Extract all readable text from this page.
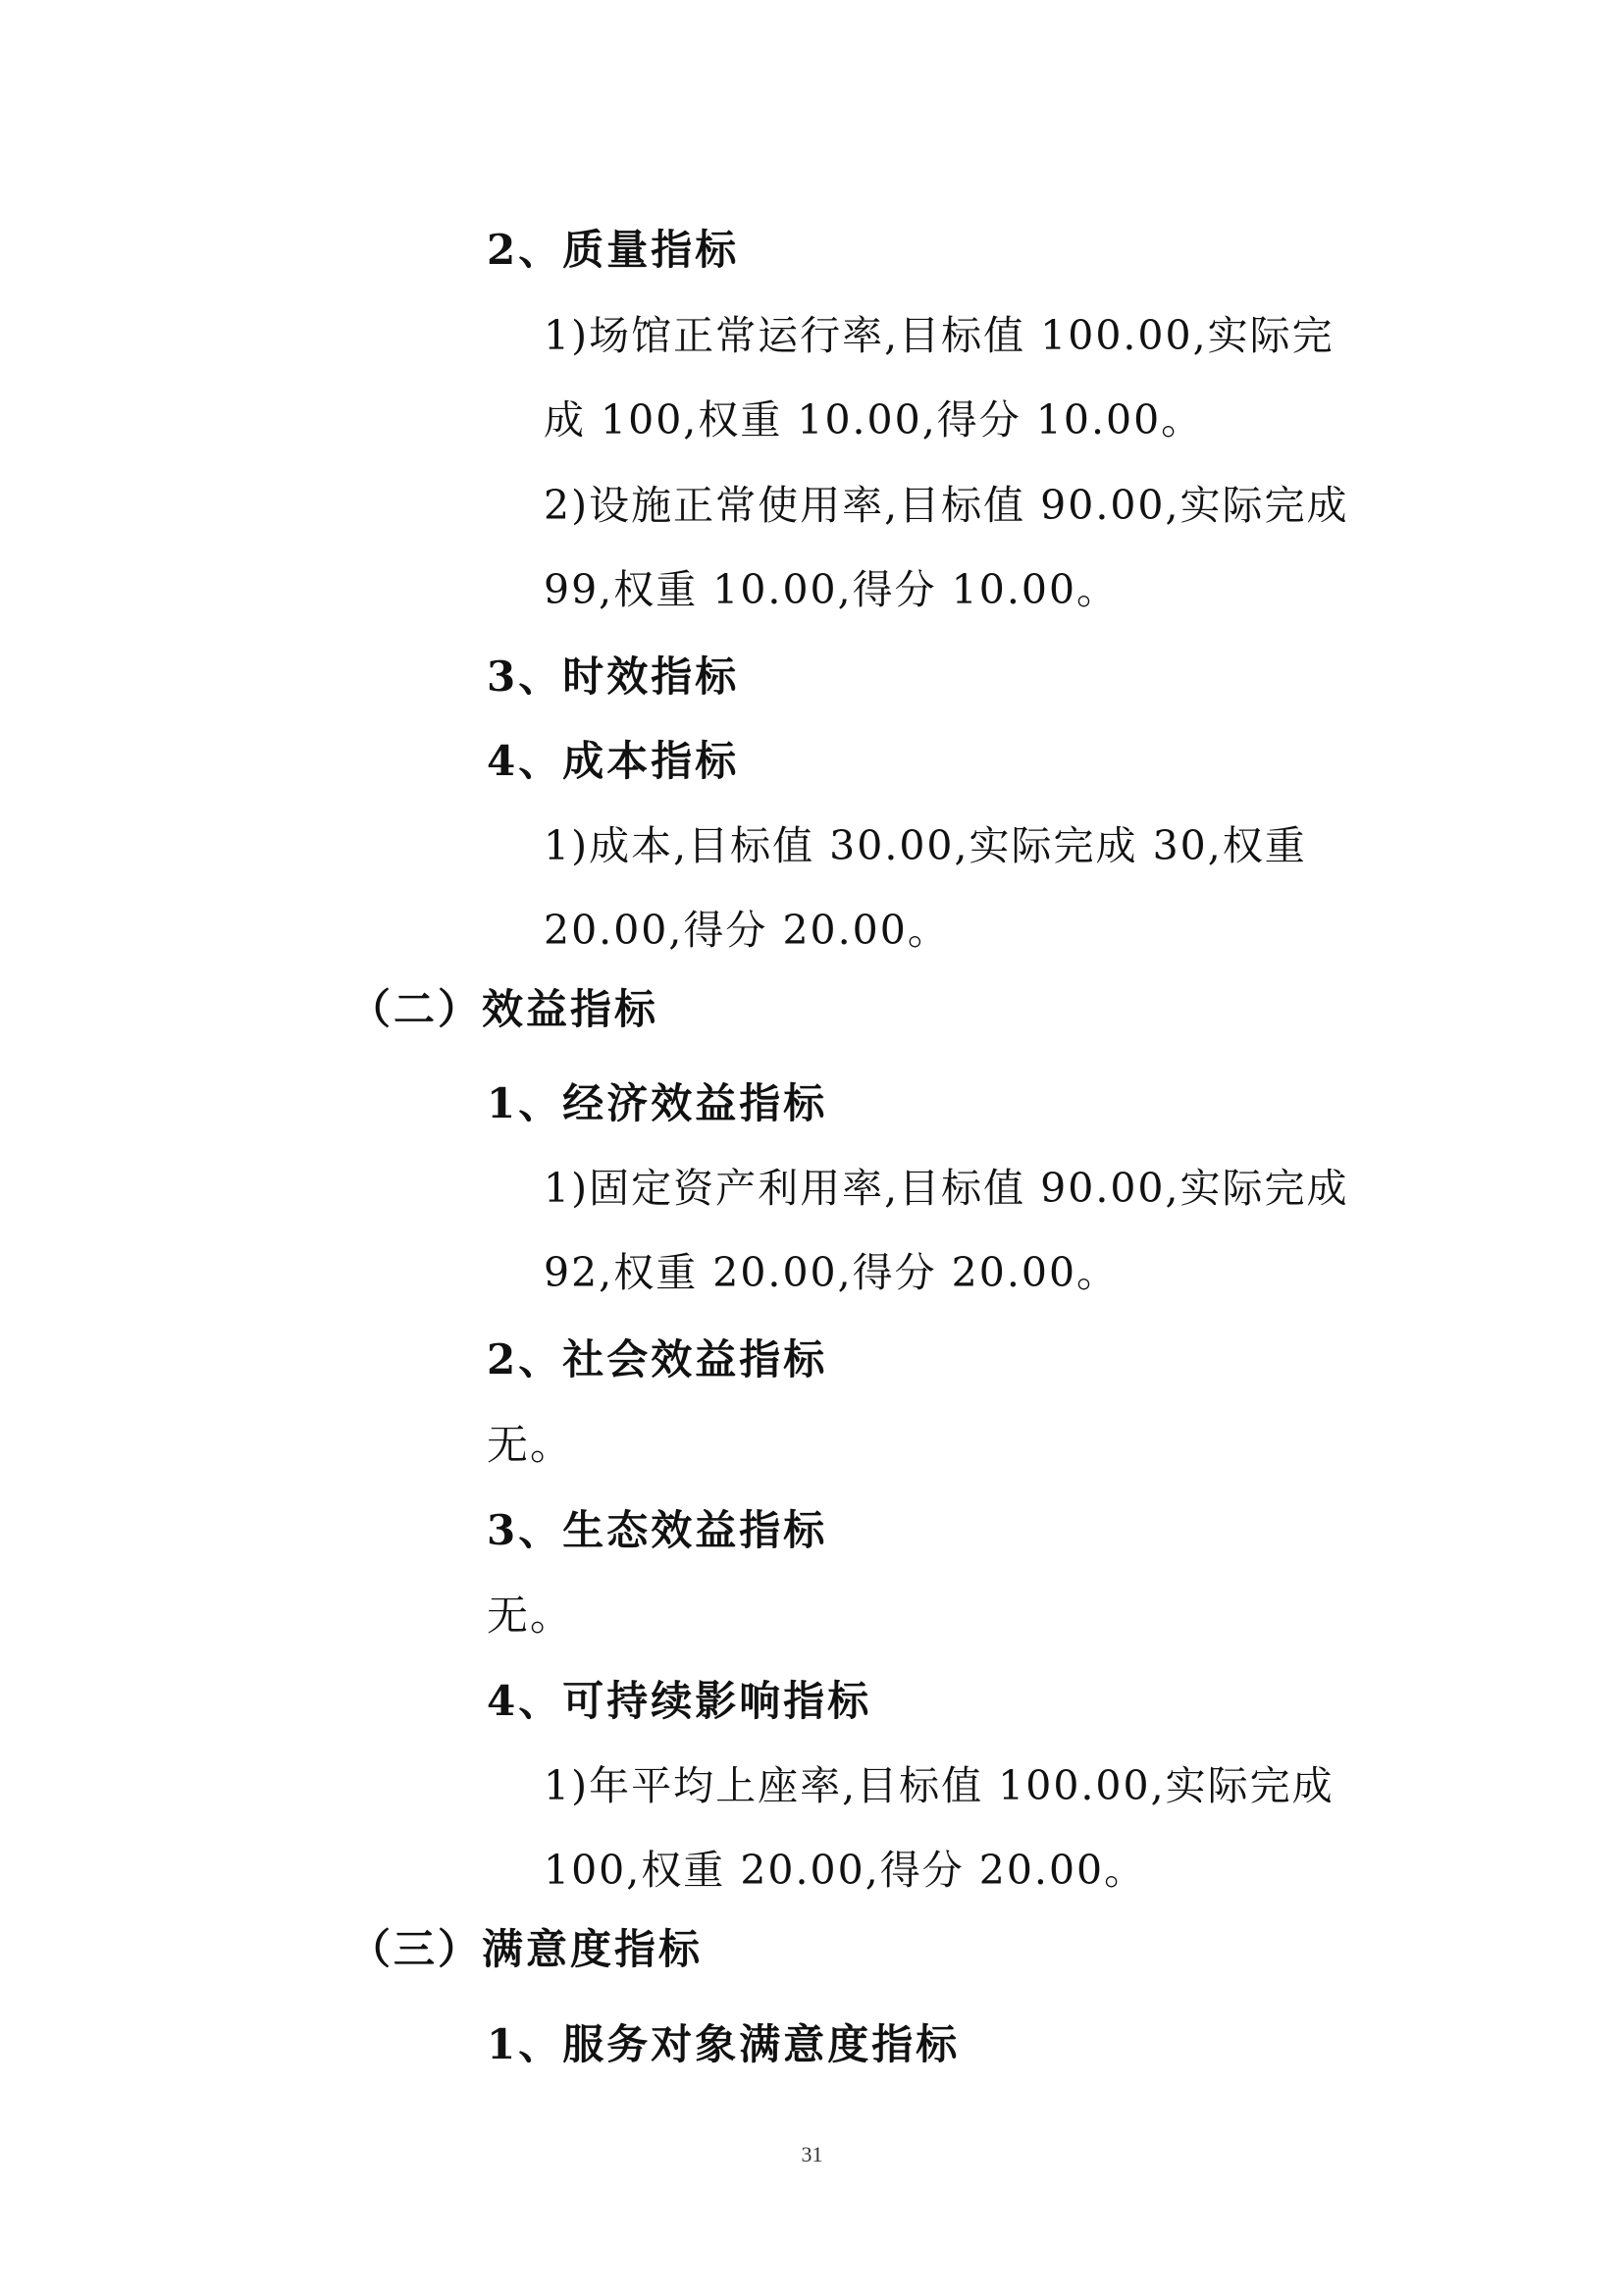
2、质量指标
1)场馆正常运行率,目标值 100.00,实际完
成 100,权重 10.00,得分 10.00。
2)设施正常使用率,目标值 90.00,实际完成
99,权重 10.00,得分 10.00。
3、时效指标
4、成本指标
1)成本,目标值 30.00,实际完成 30,权重
20.00,得分 20.00。
（二）效益指标
1、经济效益指标
1)固定资产利用率,目标值 90.00,实际完成
92,权重 20.00,得分 20.00。
2、社会效益指标
无。
3、生态效益指标
无。
4、可持续影响指标
1)年平均上座率,目标值 100.00,实际完成
100,权重 20.00,得分 20.00。
（三）满意度指标
1、服务对象满意度指标
31
